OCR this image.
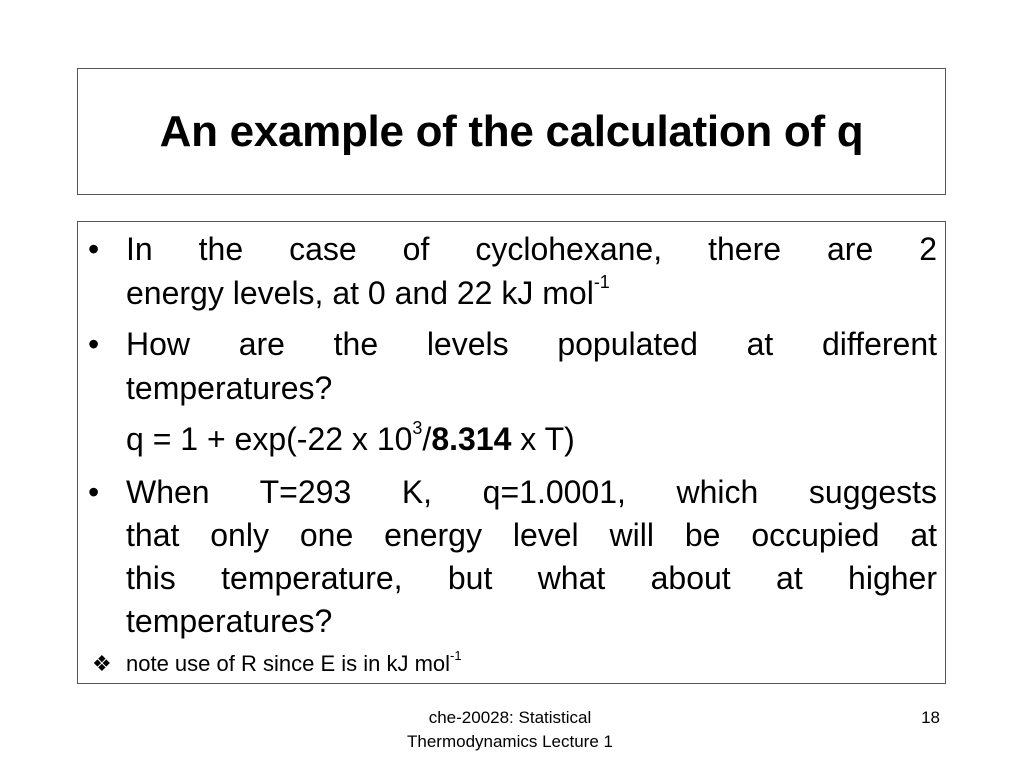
An example of the calculation of q
• In the case of cyclohexane, there are 2
energy levels, at 0 and 22 kJ mol$^{-1}$
• How are the levels populated at different
temperatures?
q = 1 + exp(-22 x $10^3/8.314$ x T)
• When T=293 K, q=1.0001, which suggests
that only one energy level will be occupied at
this temperature, but what about at higher
temperatures?
❖ note use of R since E is in kJ mol$^{-1}$
che-20028: Statistical
Thermodynamics Lecture 1
18
